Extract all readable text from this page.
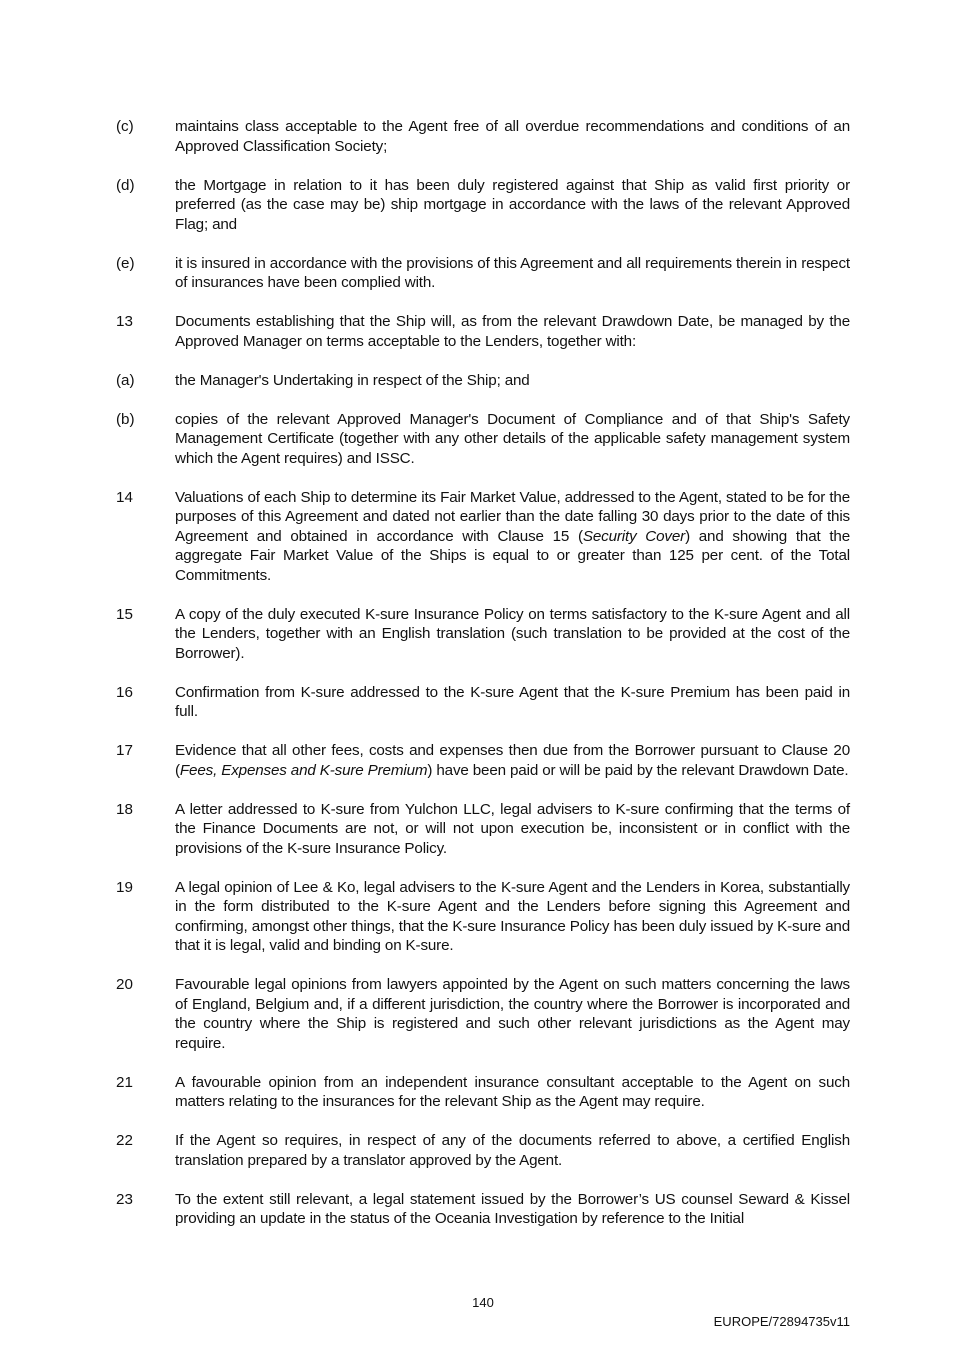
(c)	maintains class acceptable to the Agent free of all overdue recommendations and conditions of an Approved Classification Society;
(d)	the Mortgage in relation to it has been duly registered against that Ship as valid first priority or preferred (as the case may be) ship mortgage in accordance with the laws of the relevant Approved Flag; and
(e)	it is insured in accordance with the provisions of this Agreement and all requirements therein in respect of insurances have been complied with.
13	Documents establishing that the Ship will, as from the relevant Drawdown Date, be managed by the Approved Manager on terms acceptable to the Lenders, together with:
(a)	the Manager's Undertaking in respect of the Ship; and
(b)	copies of the relevant Approved Manager's Document of Compliance and of that Ship's Safety Management Certificate (together with any other details of the applicable safety management system which the Agent requires) and ISSC.
14	Valuations of each Ship to determine its Fair Market Value, addressed to the Agent, stated to be for the purposes of this Agreement and dated not earlier than the date falling 30 days prior to the date of this Agreement and obtained in accordance with Clause 15 (Security Cover) and showing that the aggregate Fair Market Value of the Ships is equal to or greater than 125 per cent. of the Total Commitments.
15	A copy of the duly executed K-sure Insurance Policy on terms satisfactory to the K-sure Agent and all the Lenders, together with an English translation (such translation to be provided at the cost of the Borrower).
16	Confirmation from K-sure addressed to the K-sure Agent that the K-sure Premium has been paid in full.
17	Evidence that all other fees, costs and expenses then due from the Borrower pursuant to Clause 20 (Fees, Expenses and K-sure Premium) have been paid or will be paid by the relevant Drawdown Date.
18	A letter addressed to K-sure from Yulchon LLC, legal advisers to K-sure confirming that the terms of the Finance Documents are not, or will not upon execution be, inconsistent or in conflict with the provisions of the K-sure Insurance Policy.
19	A legal opinion of Lee & Ko, legal advisers to the K-sure Agent and the Lenders in Korea, substantially in the form distributed to the K-sure Agent and the Lenders before signing this Agreement and confirming, amongst other things, that the K-sure Insurance Policy has been duly issued by K-sure and that it is legal, valid and binding on K-sure.
20	Favourable legal opinions from lawyers appointed by the Agent on such matters concerning the laws of England, Belgium and, if a different jurisdiction, the country where the Borrower is incorporated and the country where the Ship is registered and such other relevant jurisdictions as the Agent may require.
21	A favourable opinion from an independent insurance consultant acceptable to the Agent on such matters relating to the insurances for the relevant Ship as the Agent may require.
22	If the Agent so requires, in respect of any of the documents referred to above, a certified English translation prepared by a translator approved by the Agent.
23	To the extent still relevant, a legal statement issued by the Borrower’s US counsel Seward & Kissel providing an update in the status of the Oceania Investigation by reference to the Initial
140
EUROPE/72894735v11
